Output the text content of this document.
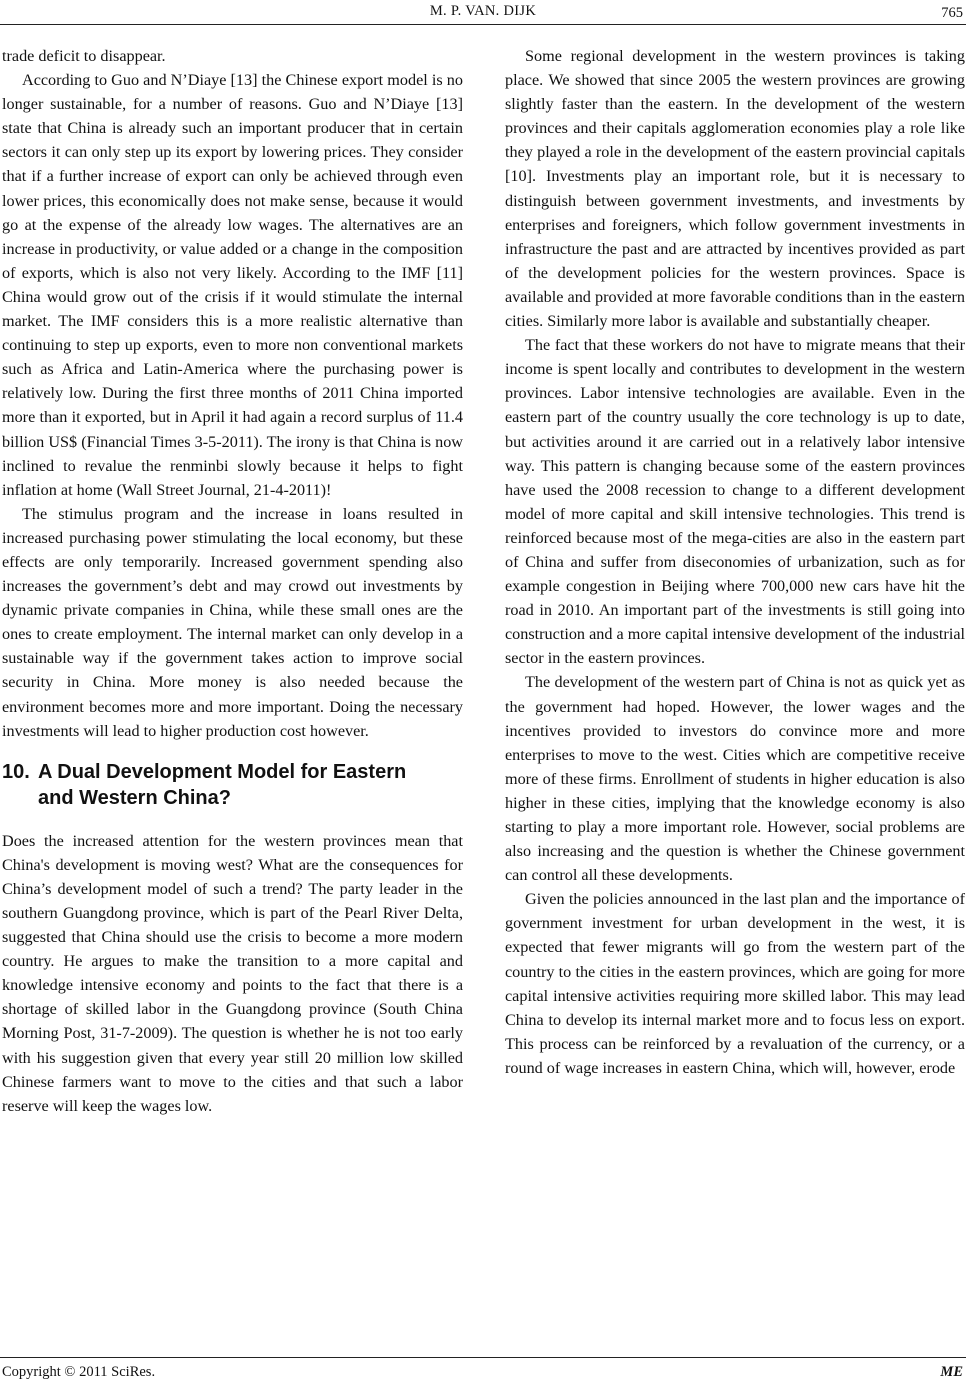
M. P. VAN. DIJK	765

trade deficit to disappear.

According to Guo and N’Diaye [13] the Chinese export model is no longer sustainable, for a number of reasons. Guo and N’Diaye [13] state that China is already such an important producer that in certain sectors it can only step up its export by lowering prices. They consider that if a further increase of export can only be achieved through even lower prices, this economically does not make sense, because it would go at the expense of the already low wages. The alternatives are an increase in productivity, or value added or a change in the composition of exports, which is also not very likely. According to the IMF [11] China would grow out of the crisis if it would stimulate the internal market. The IMF considers this is a more realistic alternative than continuing to step up exports, even to more non conventional markets such as Africa and Latin-America where the purchasing power is relatively low. During the first three months of 2011 China imported more than it exported, but in April it had again a record surplus of 11.4 billion US$ (Financial Times 3-5-2011). The irony is that China is now inclined to revalue the renminbi slowly because it helps to fight inflation at home (Wall Street Journal, 21-4-2011)!

The stimulus program and the increase in loans resulted in increased purchasing power stimulating the local economy, but these effects are only temporarily. Increased government spending also increases the government’s debt and may crowd out investments by dynamic private companies in China, while these small ones are the ones to create employment. The internal market can only develop in a sustainable way if the government takes action to improve social security in China. More money is also needed because the environment becomes more and more important. Doing the necessary investments will lead to higher production cost however.

10. A Dual Development Model for Eastern
and Western China?

Does the increased attention for the western provinces mean that China's development is moving west? What are the consequences for China’s development model of such a trend? The party leader in the southern Guangdong province, which is part of the Pearl River Delta, suggested that China should use the crisis to become a more modern country. He argues to make the transition to a more capital and knowledge intensive economy and points to the fact that there is a shortage of skilled labor in the Guangdong province (South China Morning Post, 31-7-2009). The question is whether he is not too early with his suggestion given that every year still 20 million low skilled Chinese farmers want to move to the cities and that such a labor reserve will keep the wages low.

Some regional development in the western provinces is taking place. We showed that since 2005 the western provinces are growing slightly faster than the eastern. In the development of the western provinces and their capitals agglomeration economies play a role like they played a role in the development of the eastern provincial capitals [10]. Investments play an important role, but it is necessary to distinguish between government investments, and investments by enterprises and foreigners, which follow government investments in infrastructure the past and are attracted by incentives provided as part of the development policies for the western provinces. Space is available and provided at more favorable conditions than in the eastern cities. Similarly more labor is available and substantially cheaper.

The fact that these workers do not have to migrate means that their income is spent locally and contributes to development in the western provinces. Labor intensive technologies are available. Even in the eastern part of the country usually the core technology is up to date, but activities around it are carried out in a relatively labor intensive way. This pattern is changing because some of the eastern provinces have used the 2008 recession to change to a different development model of more capital and skill intensive technologies. This trend is reinforced because most of the mega-cities are also in the eastern part of China and suffer from diseconomies of urbanization, such as for example congestion in Beijing where 700,000 new cars have hit the road in 2010. An important part of the investments is still going into construction and a more capital intensive development of the industrial sector in the eastern provinces.

The development of the western part of China is not as quick yet as the government had hoped. However, the lower wages and the incentives provided to investors do convince more and more enterprises to move to the west. Cities which are competitive receive more of these firms. Enrollment of students in higher education is also higher in these cities, implying that the knowledge economy is also starting to play a more important role. However, social problems are also increasing and the question is whether the Chinese government can control all these developments.

Given the policies announced in the last plan and the importance of government investment for urban development in the west, it is expected that fewer migrants will go from the western part of the country to the cities in the eastern provinces, which are going for more capital intensive activities requiring more skilled labor. This may lead China to develop its internal market more and to focus less on export. This process can be reinforced by a revaluation of the currency, or a round of wage increases in eastern China, which will, however, erode

Copyright © 2011 SciRes.	ME
